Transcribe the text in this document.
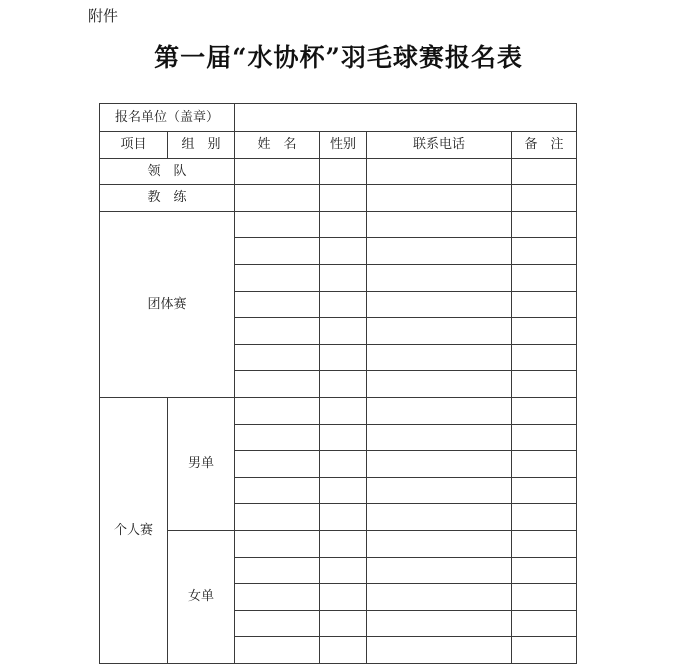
附件
第一届“水协杯”羽毛球赛报名表
报名单位（盖章）					
项目	组　别	姓　名	性别	联系电话	备　注
领　队					
教　练					
团体赛					

个人赛	男单				

	女单				
